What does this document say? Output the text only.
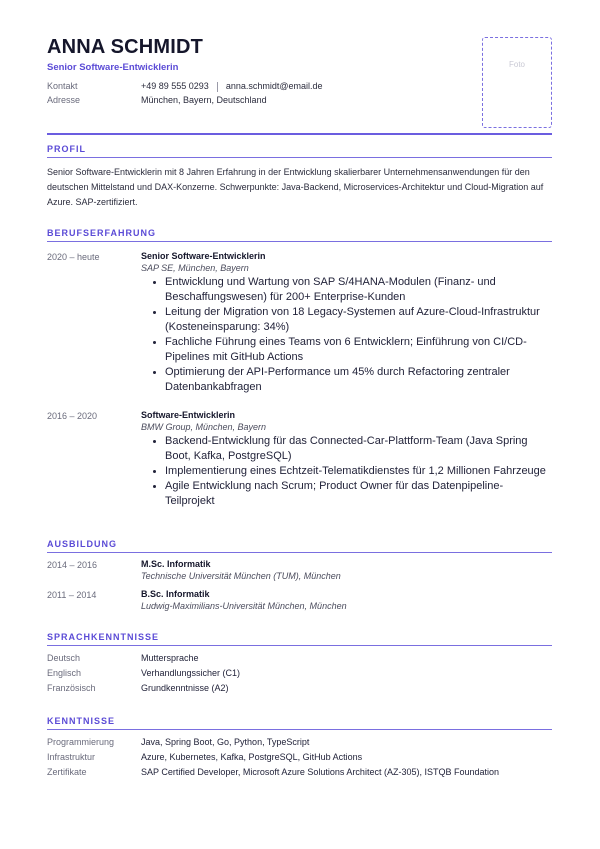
ANNA SCHMIDT
Senior Software-Entwicklerin
Kontakt	+49 89 555 0293 anna.schmidt@email.de
Adresse	München, Bayern, Deutschland
Foto
PROFIL
Senior Software-Entwicklerin mit 8 Jahren Erfahrung in der Entwicklung skalierbarer Unternehmensanwendungen für den deutschen Mittelstand und DAX-Konzerne. Schwerpunkte: Java-Backend, Microservices-Architektur und Cloud-Migration auf Azure. SAP-zertifiziert.
BERUFSERFAHRUNG
2020 – heute	Senior Software-Entwicklerin
SAP SE, München, Bayern
Entwicklung und Wartung von SAP S/4HANA-Modulen (Finanz- und Beschaffungswesen) für 200+ Enterprise-Kunden
Leitung der Migration von 18 Legacy-Systemen auf Azure-Cloud-Infrastruktur (Kosteneinsparung: 34%)
Fachliche Führung eines Teams von 6 Entwicklern; Einführung von CI/CD-Pipelines mit GitHub Actions
Optimierung der API-Performance um 45% durch Refactoring zentraler Datenbankabfragen
2016 – 2020	Software-Entwicklerin
BMW Group, München, Bayern
Backend-Entwicklung für das Connected-Car-Plattform-Team (Java Spring Boot, Kafka, PostgreSQL)
Implementierung eines Echtzeit-Telematikdienstes für 1,2 Millionen Fahrzeuge
Agile Entwicklung nach Scrum; Product Owner für das Datenpipeline-Teilprojekt
AUSBILDUNG
2014 – 2016	M.Sc. Informatik
Technische Universität München (TUM), München
2011 – 2014	B.Sc. Informatik
Ludwig-Maximilians-Universität München, München
SPRACHKENNTNISSE
Deutsch	Muttersprache
Englisch	Verhandlungssicher (C1)
Französisch	Grundkenntnisse (A2)
KENNTNISSE
Programmierung	Java, Spring Boot, Go, Python, TypeScript
Infrastruktur	Azure, Kubernetes, Kafka, PostgreSQL, GitHub Actions
Zertifikate	SAP Certified Developer, Microsoft Azure Solutions Architect (AZ-305), ISTQB Foundation
